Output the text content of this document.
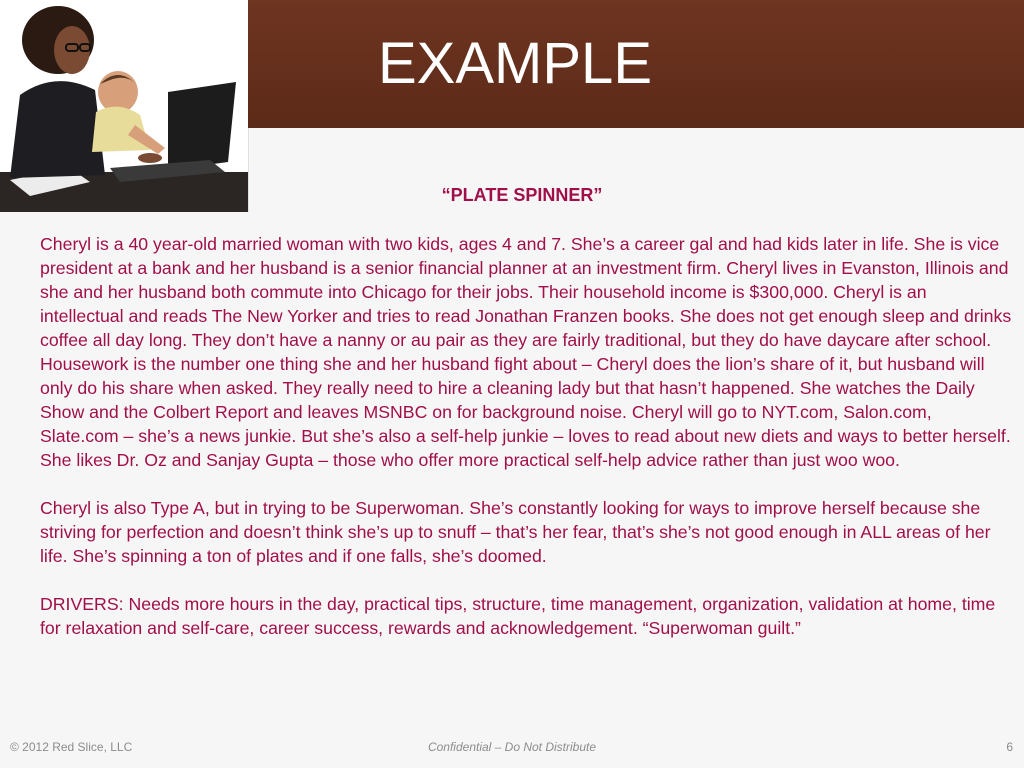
EXAMPLE
“PLATE SPINNER”

Cheryl is a 40 year-old married woman with two kids, ages 4 and 7. She’s a career gal and had kids later in life. She is vice president at a bank and her husband is a senior financial planner at an investment firm. Cheryl lives in Evanston, Illinois and she and her husband both commute into Chicago for their jobs. Their household income is $300,000. Cheryl is an intellectual and reads The New Yorker and tries to read Jonathan Franzen books. She does not get enough sleep and drinks coffee all day long. They don’t have a nanny or au pair as they are fairly traditional, but they do have daycare after school. Housework is the number one thing she and her husband fight about – Cheryl does the lion’s share of it, but husband will only do his share when asked. They really need to hire a cleaning lady but that hasn’t happened. She watches the Daily Show and the Colbert Report and leaves MSNBC on for background noise. Cheryl will go to NYT.com, Salon.com, Slate.com – she’s a news junkie. But she’s also a self-help junkie – loves to read about new diets and ways to better herself. She likes Dr. Oz and Sanjay Gupta – those who offer more practical self-help advice rather than just woo woo.

Cheryl is also Type A, but in trying to be Superwoman. She’s constantly looking for ways to improve herself because she striving for perfection and doesn’t think she’s up to snuff – that’s her fear, that’s she’s not good enough in ALL areas of her life. She’s spinning a ton of plates and if one falls, she’s doomed.

DRIVERS: Needs more hours in the day, practical tips, structure, time management, organization, validation at home, time for relaxation and self-care, career success, rewards and acknowledgement. “Superwoman guilt.”

© 2012 Red Slice, LLC	Confidential – Do Not Distribute	6
